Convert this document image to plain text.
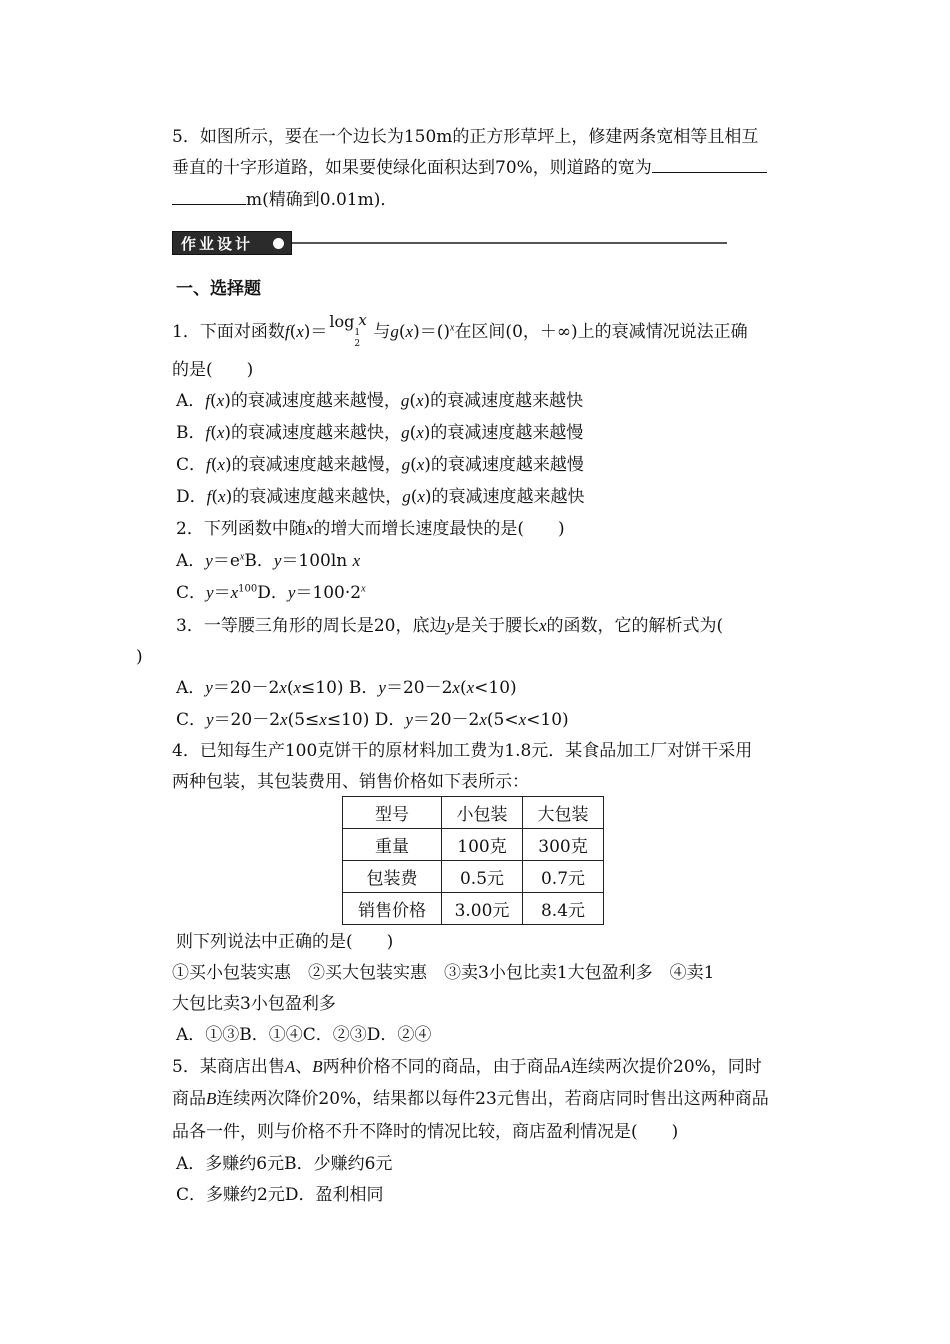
5．如图所示，要在一个边长为150m的正方形草坪上，修建两条宽相等且相互
垂直的十字形道路，如果要使绿化面积达到70%，则道路的宽为
m(精确到0.01m)．
作业设计
一、选择题
1．下面对函数f(x)＝
log x
1
2
与g(x)＝()$^x$在区间(0，＋∞)上的衰减情况说法正确
的是(　　)
A．f(x)的衰减速度越来越慢，g(x)的衰减速度越来越快
B．f(x)的衰减速度越来越快，g(x)的衰减速度越来越慢
C．f(x)的衰减速度越来越慢，g(x)的衰减速度越来越慢
D．f(x)的衰减速度越来越快，g(x)的衰减速度越来越快
2．下列函数中随x的增大而增长速度最快的是(　　)
A．$y=e^xB$．y＝100ln x
C．$y=x^{100}D$．$y=100\cdot 2^x$
3．一等腰三角形的周长是20，底边y是关于腰长x的函数，它的解析式为(
)
A．y＝20－2x(x≤10) B．y＝20－2x(x<10)
C．y＝20－2x(5≤x≤10) D．y＝20－2x(5<x<10)
4．已知每生产100克饼干的原材料加工费为1.8元．某食品加工厂对饼干采用
两种包装，其包装费用、销售价格如下表所示：
型号	小包装	大包装
重量	100克	300克
包装费	0.5元	0.7元
销售价格	3.00元	8.4元
则下列说法中正确的是(　　)
①买小包装实惠　②买大包装实惠　③卖3小包比卖1大包盈利多　④卖1
大包比卖3小包盈利多
A．①③B．①④C．②③D．②④
5．某商店出售A、B两种价格不同的商品，由于商品A连续两次提价20%，同时
商品B连续两次降价20%，结果都以每件23元售出，若商店同时售出这两种商品
品各一件，则与价格不升不降时的情况比较，商店盈利情况是(　　)
A．多赚约6元B．少赚约6元
C．多赚约2元D．盈利相同
